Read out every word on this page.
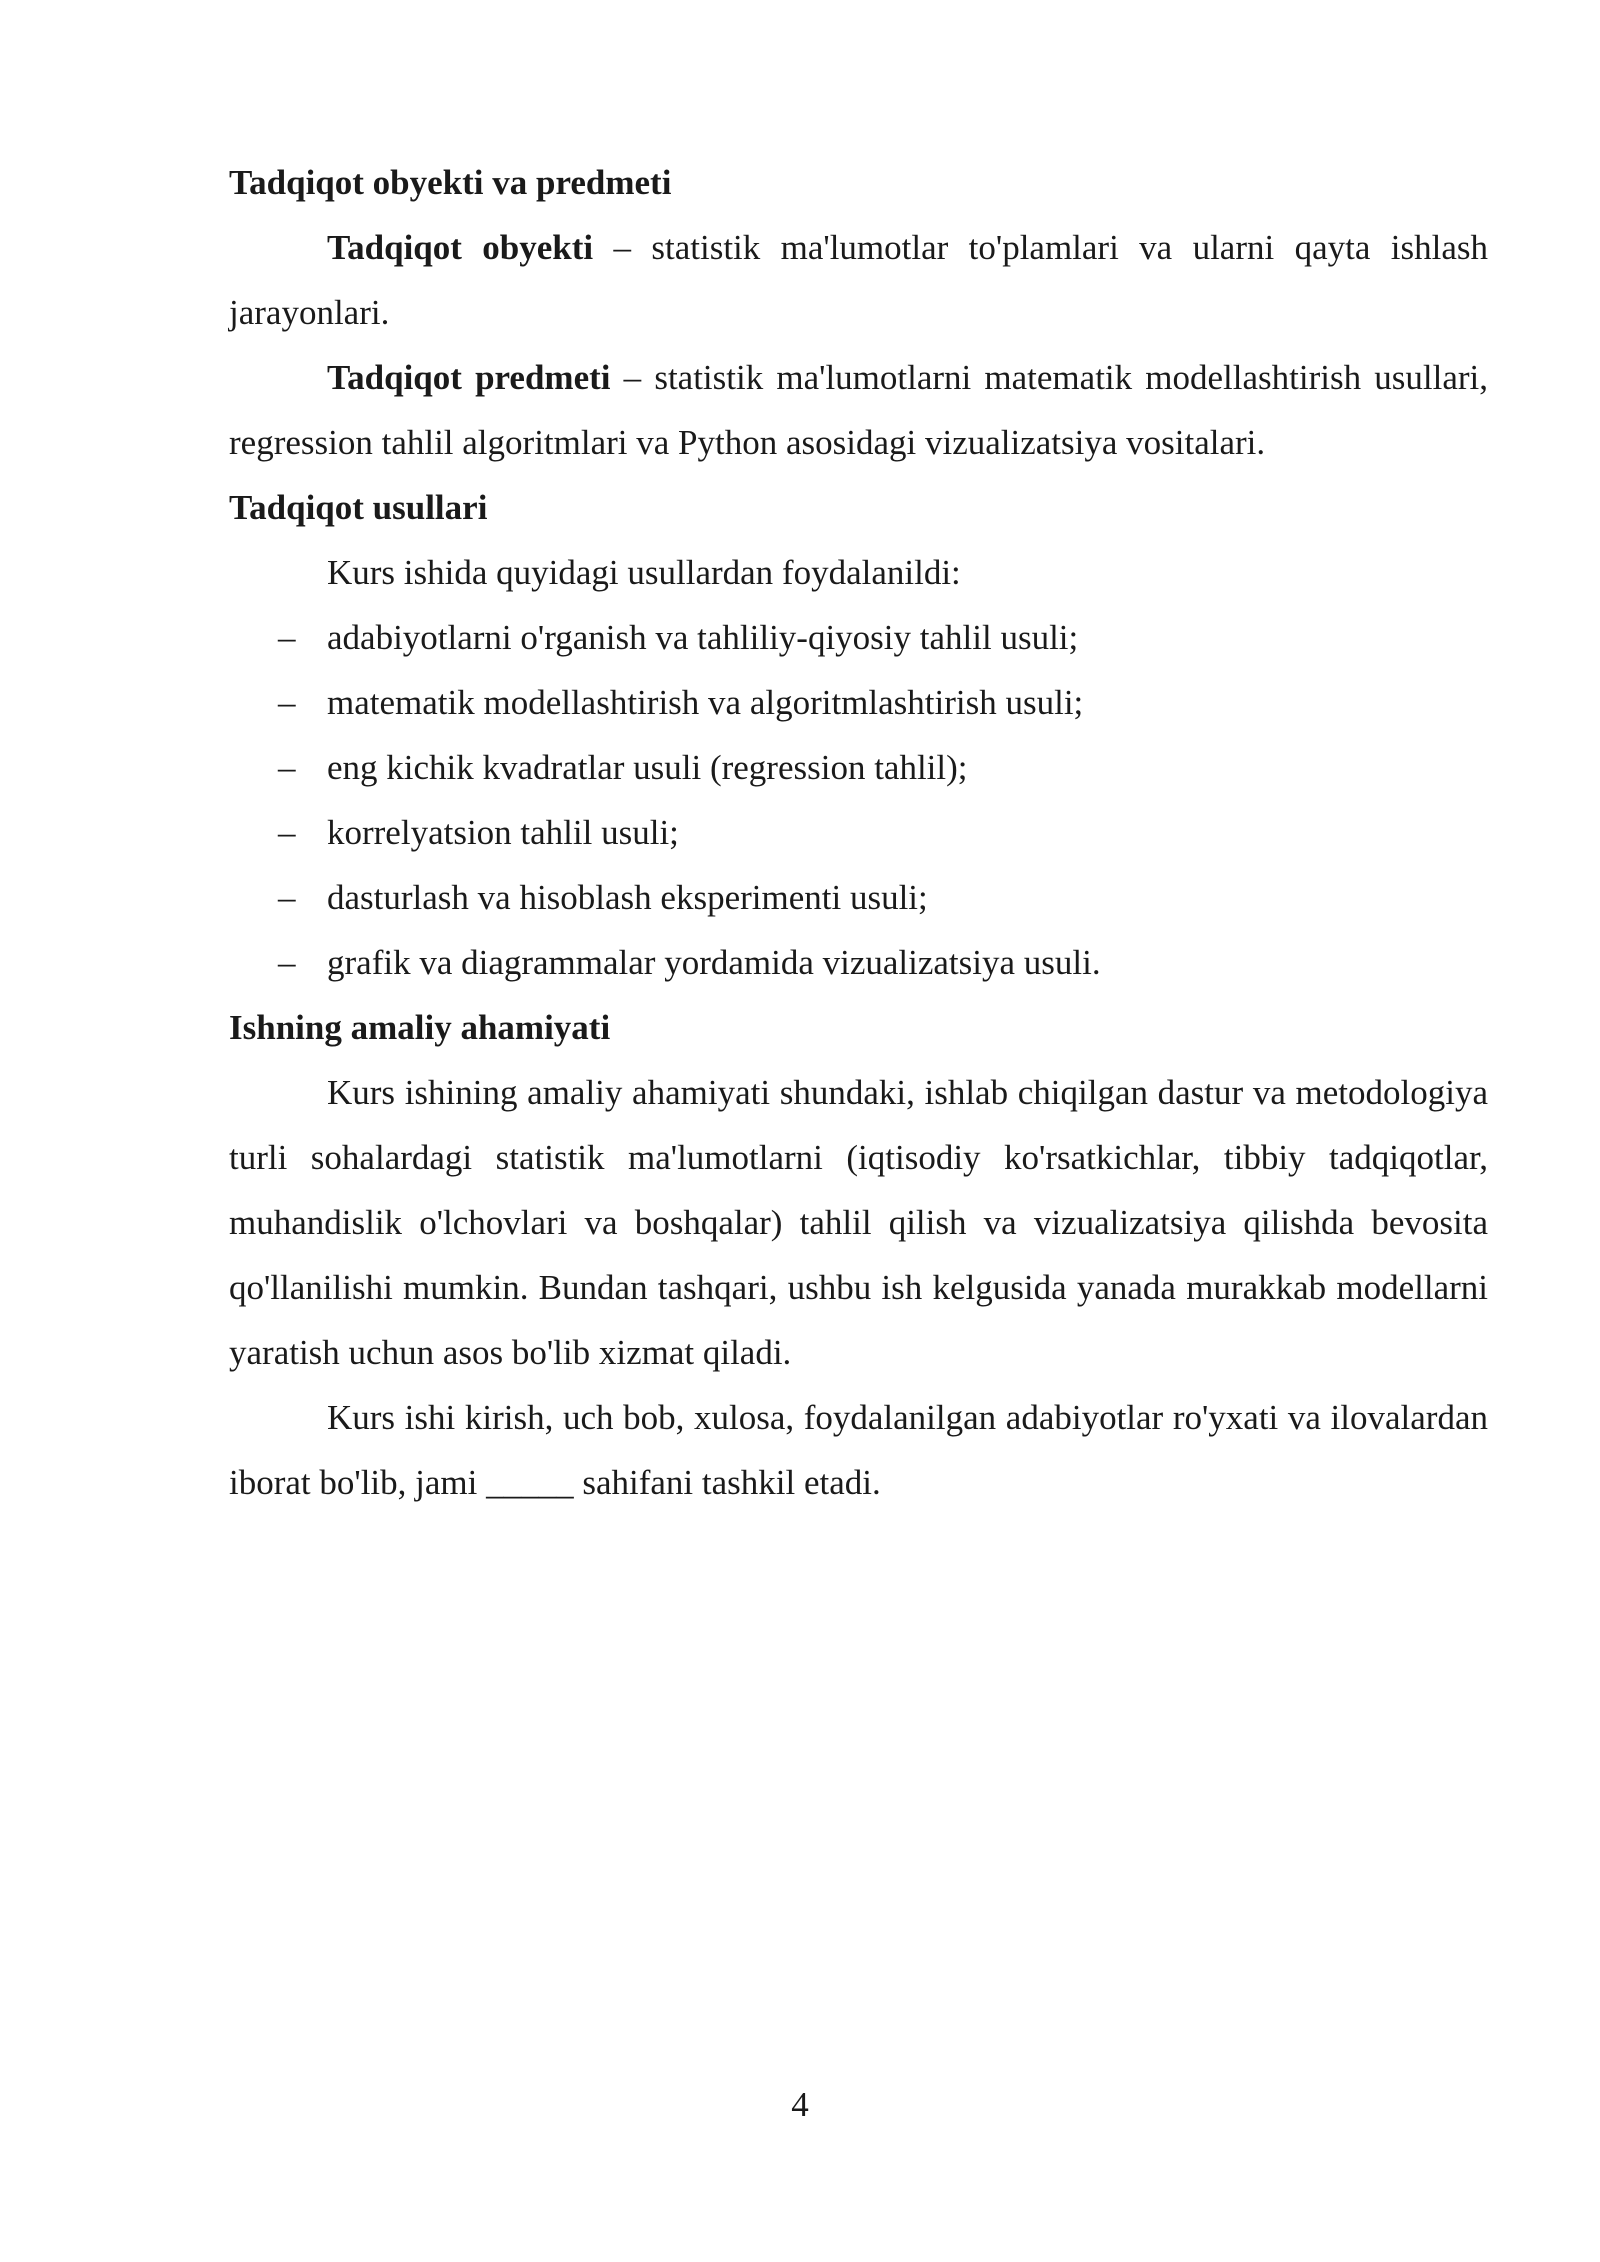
Tadqiqot obyekti va predmeti

Tadqiqot obyekti – statistik ma'lumotlar to'plamlari va ularni qayta ishlash jarayonlari.

Tadqiqot predmeti – statistik ma'lumotlarni matematik modellashtirish usullari, regression tahlil algoritmlari va Python asosidagi vizualizatsiya vositalari.

Tadqiqot usullari

Kurs ishida quyidagi usullardan foydalanildi:

– adabiyotlarni o'rganish va tahliliy-qiyosiy tahlil usuli;
– matematik modellashtirish va algoritmlashtirish usuli;
– eng kichik kvadratlar usuli (regression tahlil);
– korrelyatsion tahlil usuli;
– dasturlash va hisoblash eksperimenti usuli;
– grafik va diagrammalar yordamida vizualizatsiya usuli.

Ishning amaliy ahamiyati

Kurs ishining amaliy ahamiyati shundaki, ishlab chiqilgan dastur va metodologiya turli sohalardagi statistik ma'lumotlarni (iqtisodiy ko'rsatkichlar, tibbiy tadqiqotlar, muhandislik o'lchovlari va boshqalar) tahlil qilish va vizualizatsiya qilishda bevosita qo'llanilishi mumkin. Bundan tashqari, ushbu ish kelgusida yanada murakkab modellarni yaratish uchun asos bo'lib xizmat qiladi.

Kurs ishi kirish, uch bob, xulosa, foydalanilgan adabiyotlar ro'yxati va ilovalardan iborat bo'lib, jami _____ sahifani tashkil etadi.

4
